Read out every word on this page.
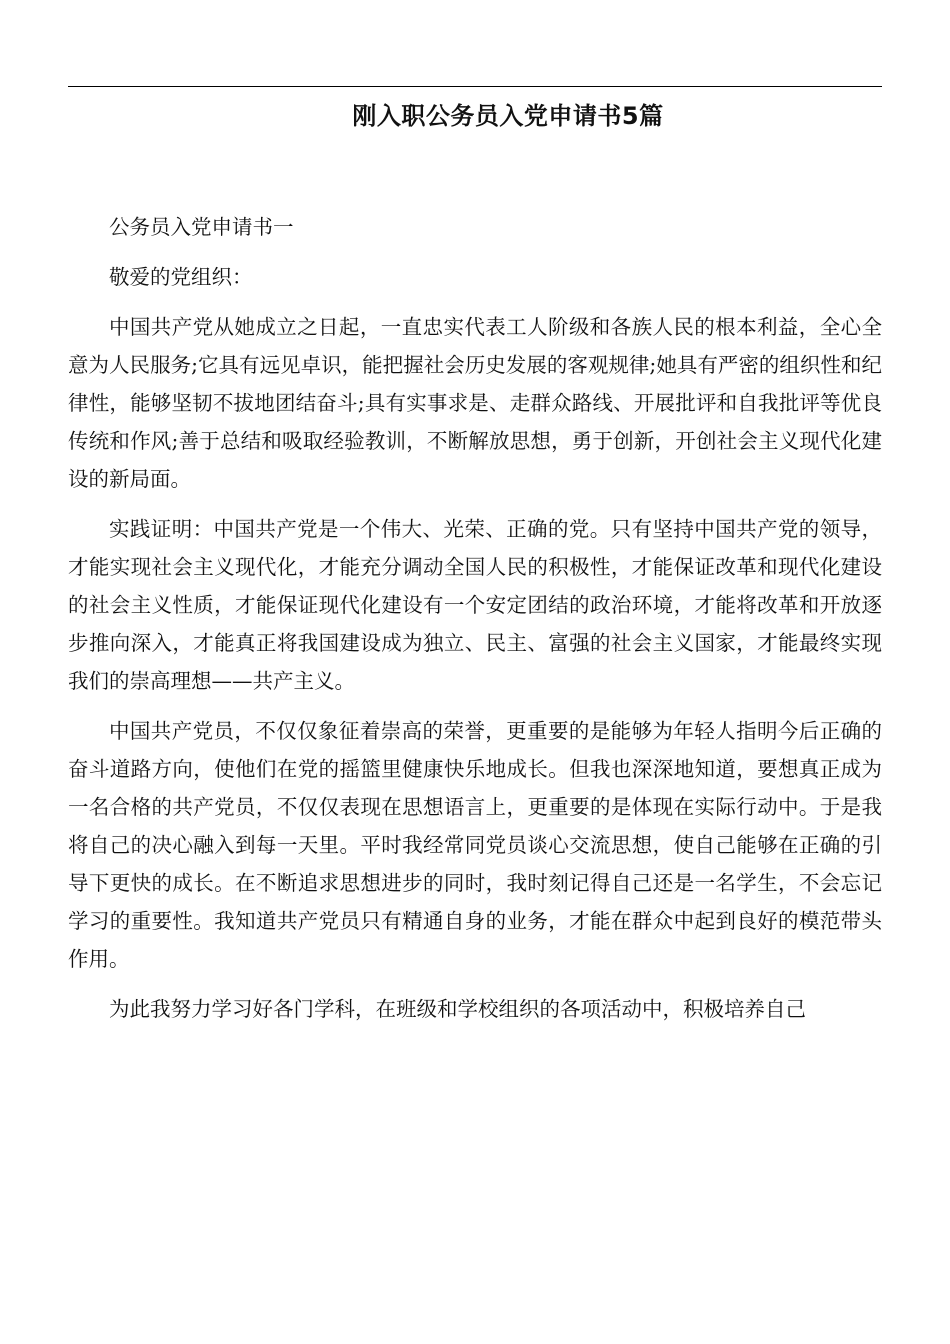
刚入职公务员入党申请书5篇

公务员入党申请书一

敬爱的党组织：

中国共产党从她成立之日起，一直忠实代表工人阶级和各族人民的根本利益，全心全意为人民服务;它具有远见卓识，能把握社会历史发展的客观规律;她具有严密的组织性和纪律性，能够坚韧不拔地团结奋斗;具有实事求是、走群众路线、开展批评和自我批评等优良传统和作风;善于总结和吸取经验教训，不断解放思想，勇于创新，开创社会主义现代化建设的新局面。

实践证明：中国共产党是一个伟大、光荣、正确的党。只有坚持中国共产党的领导，才能实现社会主义现代化，才能充分调动全国人民的积极性，才能保证改革和现代化建设的社会主义性质，才能保证现代化建设有一个安定团结的政治环境，才能将改革和开放逐步推向深入，才能真正将我国建设成为独立、民主、富强的社会主义国家，才能最终实现我们的崇高理想——共产主义。

中国共产党员，不仅仅象征着崇高的荣誉，更重要的是能够为年轻人指明今后正确的奋斗道路方向，使他们在党的摇篮里健康快乐地成长。但我也深深地知道，要想真正成为一名合格的共产党员，不仅仅表现在思想语言上，更重要的是体现在实际行动中。于是我将自己的决心融入到每一天里。平时我经常同党员谈心交流思想，使自己能够在正确的引导下更快的成长。在不断追求思想进步的同时，我时刻记得自己还是一名学生，不会忘记学习的重要性。我知道共产党员只有精通自身的业务，才能在群众中起到良好的模范带头作用。

为此我努力学习好各门学科，在班级和学校组织的各项活动中，积极培养自己
